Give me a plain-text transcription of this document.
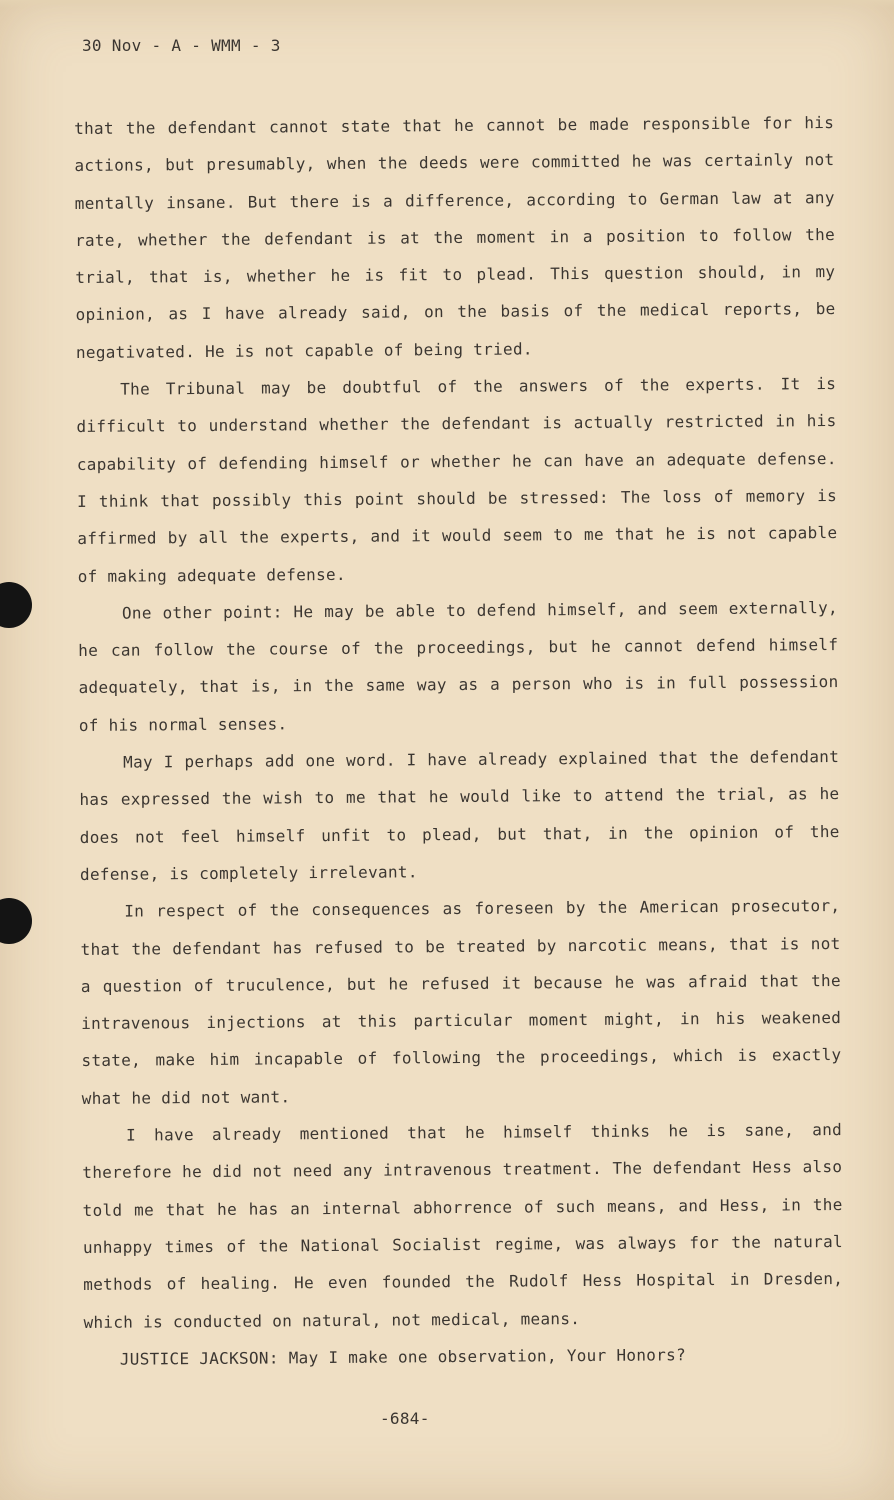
30 Nov - A - WMM - 3

that the defendant cannot state that he cannot be made responsible for his actions, but presumably, when the deeds were committed he was certainly not mentally insane. But there is a difference, according to German law at any rate, whether the defendant is at the moment in a position to follow the trial, that is, whether he is fit to plead. This question should, in my opinion, as I have already said, on the basis of the medical reports, be negativated. He is not capable of being tried.

The Tribunal may be doubtful of the answers of the experts. It is difficult to understand whether the defendant is actually restricted in his capability of defending himself or whether he can have an adequate defense. I think that possibly this point should be stressed: The loss of memory is affirmed by all the experts, and it would seem to me that he is not capable of making adequate defense.

One other point: He may be able to defend himself, and seem externally, he can follow the course of the proceedings, but he cannot defend himself adequately, that is, in the same way as a person who is in full possession of his normal senses.

May I perhaps add one word. I have already explained that the defendant has expressed the wish to me that he would like to attend the trial, as he does not feel himself unfit to plead, but that, in the opinion of the defense, is completely irrelevant.

In respect of the consequences as foreseen by the American prosecutor, that the defendant has refused to be treated by narcotic means, that is not a question of truculence, but he refused it because he was afraid that the intravenous injections at this particular moment might, in his weakened state, make him incapable of following the proceedings, which is exactly what he did not want.

I have already mentioned that he himself thinks he is sane, and therefore he did not need any intravenous treatment. The defendant Hess also told me that he has an internal abhorrence of such means, and Hess, in the unhappy times of the National Socialist regime, was always for the natural methods of healing. He even founded the Rudolf Hess Hospital in Dresden, which is conducted on natural, not medical, means.

JUSTICE JACKSON: May I make one observation, Your Honors?

-684-
